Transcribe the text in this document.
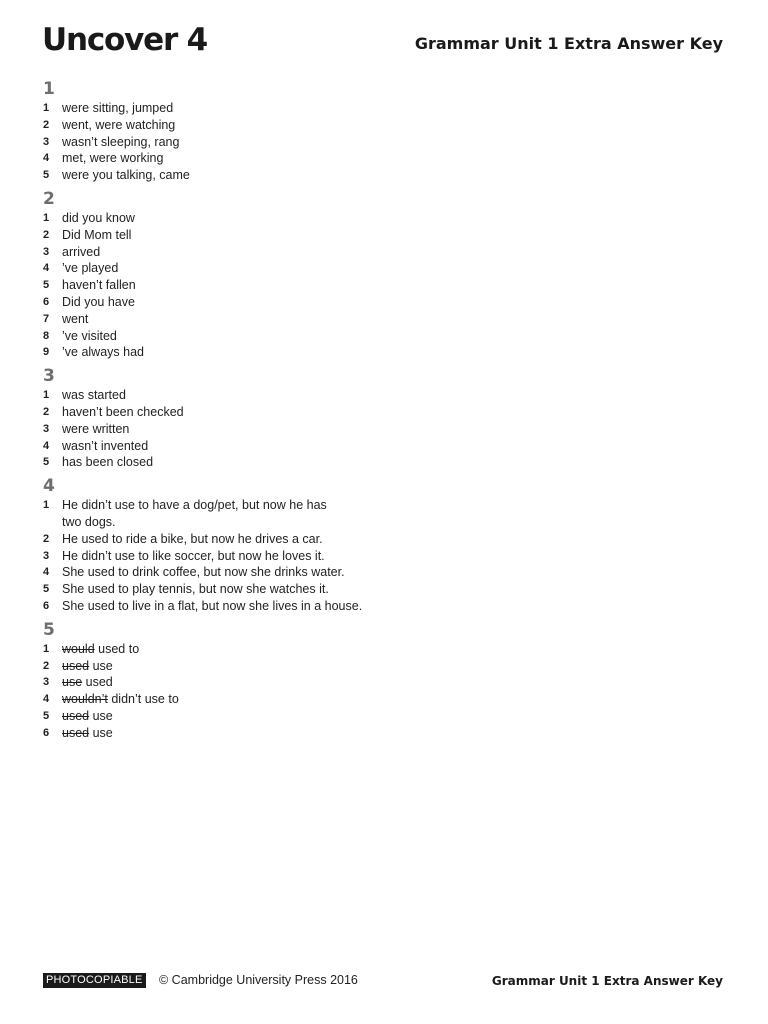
Uncover 4	Grammar Unit 1 Extra Answer Key
1
1	were sitting, jumped
2	went, were watching
3	wasn’t sleeping, rang
4	met, were working
5	were you talking, came
2
1	did you know
2	Did Mom tell
3	arrived
4	’ve played
5	haven’t fallen
6	Did you have
7	went
8	’ve visited
9	’ve always had
3
1	was started
2	haven’t been checked
3	were written
4	wasn’t invented
5	has been closed
4
1	He didn’t use to have a dog/pet, but now he has two dogs.
2	He used to ride a bike, but now he drives a car.
3	He didn’t use to like soccer, but now he loves it.
4	She used to drink coffee, but now she drinks water.
5	She used to play tennis, but now she watches it.
6	She used to live in a flat, but now she lives in a house.
5
1	would used to
2	used use
3	use used
4	wouldn’t didn’t use to
5	used use
6	used use
PHOTOCOPIABLE © Cambridge University Press 2016	Grammar Unit 1 Extra Answer Key
